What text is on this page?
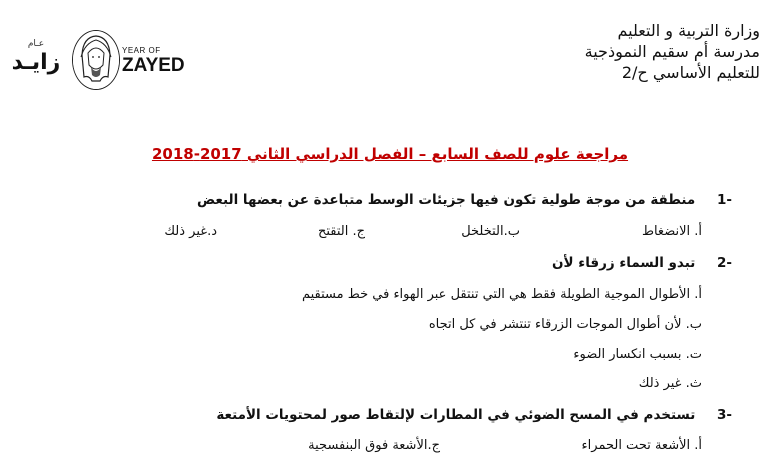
وزارة التربية و التعليم
مدرسة أم سقيم النموذجية
للتعليم الأساسي ح/2
عـام
زايـد	YEAR OF
ZAYED
مراجعة علوم للصف السابع – الفصل الدراسي الثاني 2017-2018
-1 منطقة من موجة طولية تكون فيها جزيئات الوسط متباعدة عن بعضها البعض
أ. الانضغاط
ب.التخلخل
ج. التقتح
د.غير ذلك
-2 تبدو السماء زرقاء لأن
أ. الأطوال الموجية الطويلة فقط هي التي تنتقل عبر الهواء في خط مستقيم
ب. لأن أطوال الموجات الزرقاء تنتشر في كل اتجاه
ت. بسبب انكسار الضوء
ث. غير ذلك
-3 تستخدم في المسح الضوئي في المطارات لإلتقاط صور لمحتويات الأمتعة
أ. الأشعة تحت الحمراء
ج.الأشعة فوق البنفسجية
